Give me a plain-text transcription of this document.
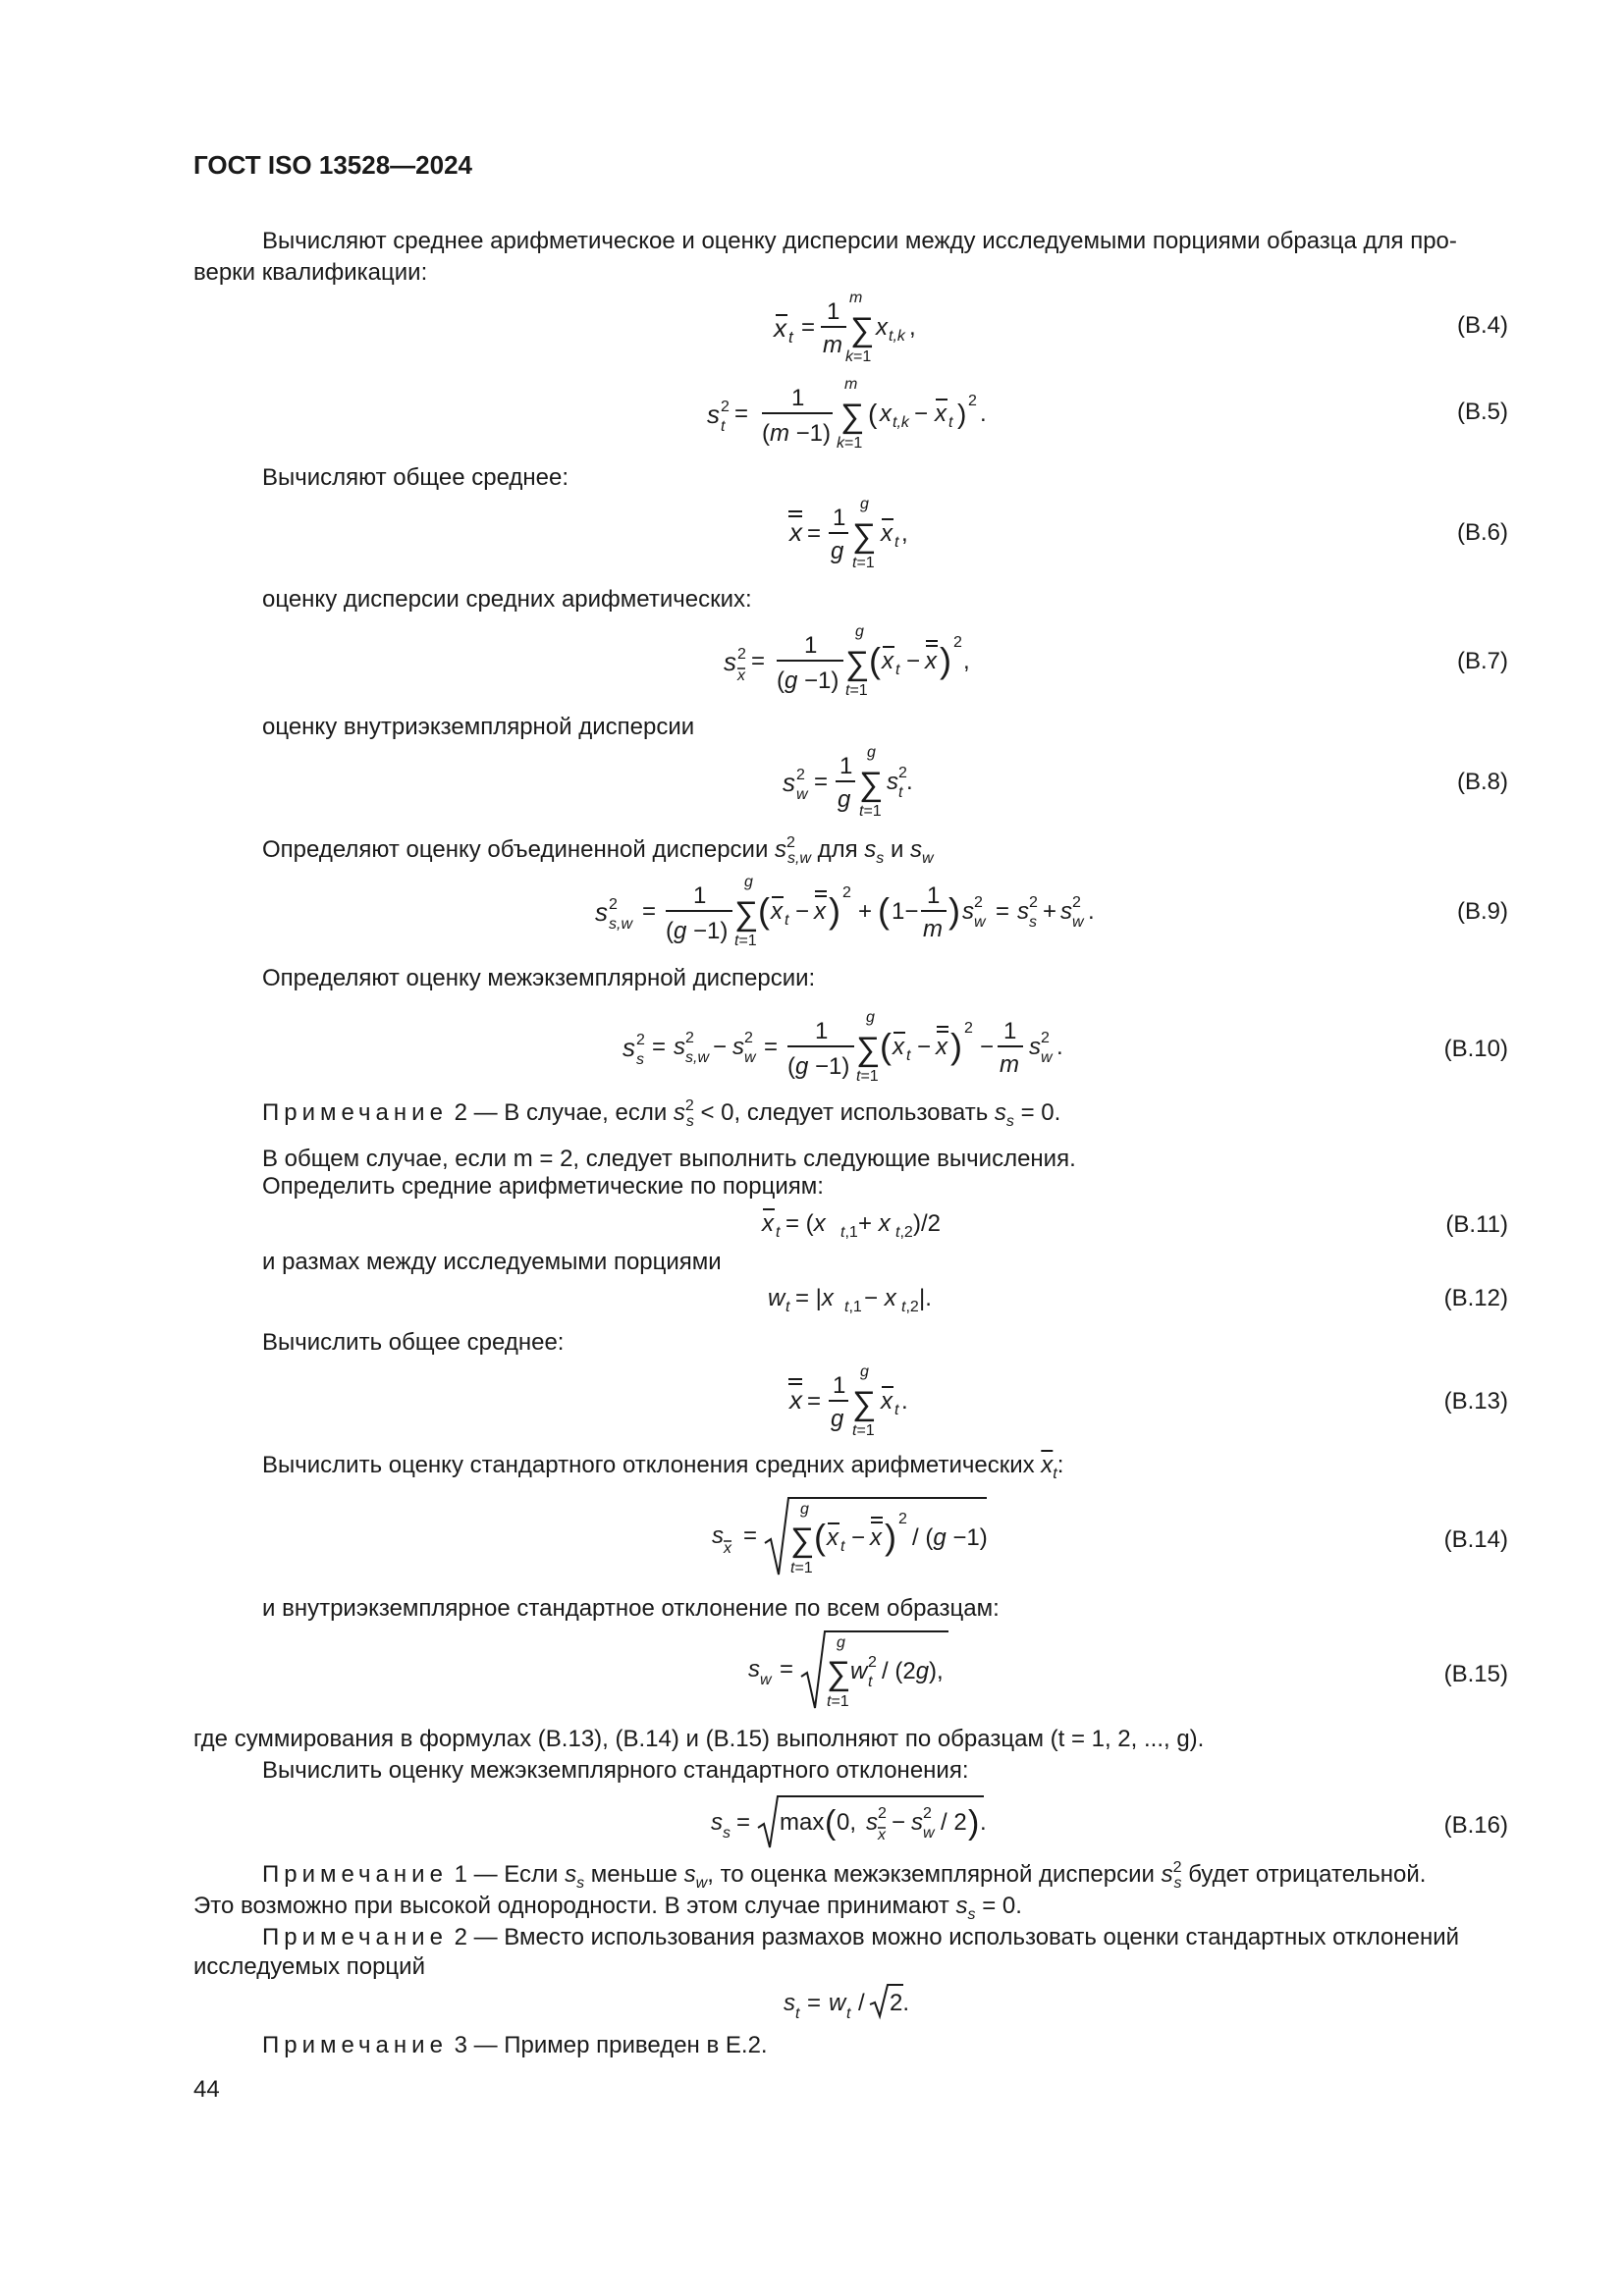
ГОСТ ISO 13528—2024
Вычисляют среднее арифметическое и оценку дисперсии между исследуемыми порциями образца для про-
верки квалификации:
x t =
1
m
m
∑
k=1
x t,k ,	(B.4)
s t
2 =
1
(m −1)
m
∑
k=1
( x t,k − x t ) 2 .	(B.5)
Вычисляют общее среднее:
x =
1
g
g
∑
t=1
x t ,	(B.6)
оценку дисперсии средних арифметических:
s x
2 =
1
(g −1)
g
∑
t=1
( x t − x ) 2
,	(B.7)
оценку внутриэкземплярной дисперсии
s w
2 =
1
g
g
∑
t=1
s t
2 .	(B.8)
Определяют оценку объединенной дисперсии $s^2_{s,w}$ для $s_s$ и $s_w$
s s,w
2 =
1
(g −1)
g
∑
t=1
( x t − x ) 2
+ ( 1−
1
m ) s w
2 = s s
2 + s w
2 .	(B.9)
Определяют оценку межэкземплярной дисперсии:
s s
2 = s s,w
2 − s w
2 =
1
(g −1)
g
∑
t=1
( x t − x ) 2
−
1
m
s w
2 .	(B.10)
Примечание 2 — В случае, если $s^2_s < 0$, следует использовать $s_s = 0$.
В общем случае, если m = 2, следует выполнить следующие вычисления.
Определить средние арифметические по порциям:
x t = (x t,1 + x t,2 )/2	(B.11)
и размах между исследуемыми порциями
w t = |x t,1 − x t,2 |.	(B.12)
Вычислить общее среднее:
x =
1
g
g
∑
t=1
x t .	(B.13)
Вычислить оценку стандартного отклонения средних арифметических $\overline{x}_t$:
s x =
g
∑
t=1
( x t − x ) 2
/ (g −1)	(B.14)
и внутриэкземплярное стандартное отклонение по всем образцам:
s w =
g
∑
t=1
w t
2 / (2g),	(B.15)
где суммирования в формулах (B.13), (B.14) и (B.15) выполняют по образцам (t = 1, 2, ..., g).
Вычислить оценку межэкземплярного стандартного отклонения:
s s = max ( 0, s x
2 − s w
2 / 2 ) .	(B.16)
Примечание 1 — Если $s_s$ меньше $s_w$, то оценка межэкземплярной дисперсии $s^2_s$ будет отрицательной.
Это возможно при высокой однородности. В этом случае принимают $s_s = 0$.
Примечание 2 — Вместо использования размахов можно использовать оценки стандартных отклонений
исследуемых порций
s t = w t / 2.
Примечание 3 — Пример приведен в E.2.
44
